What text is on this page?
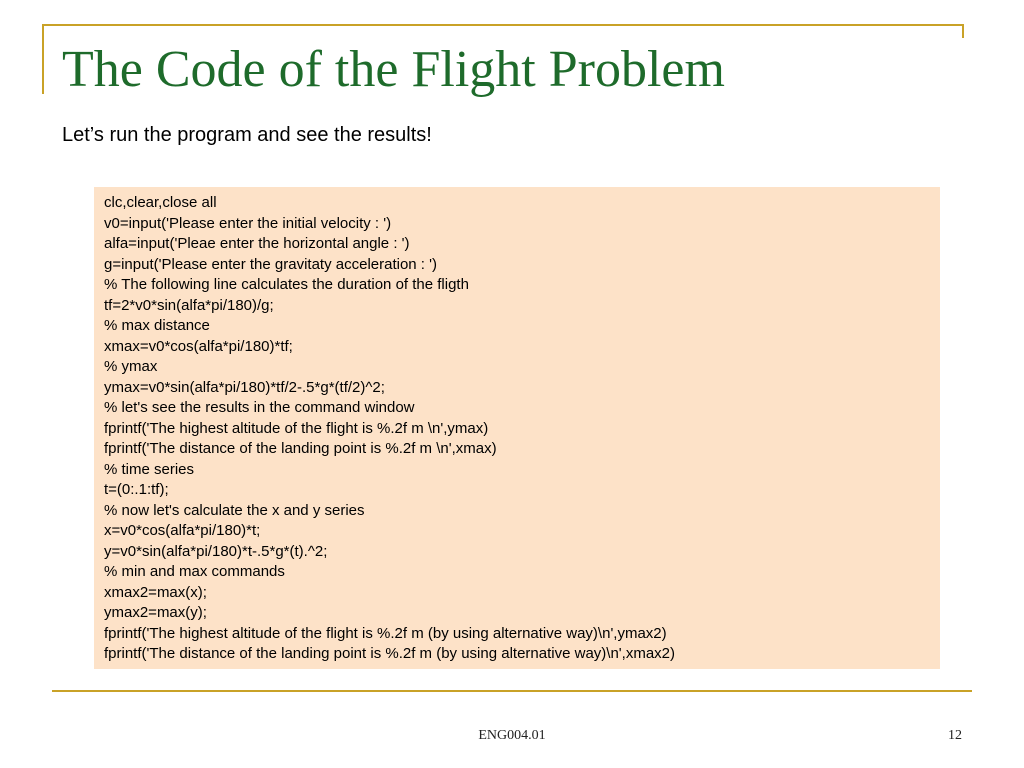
The Code of the Flight Problem

Let’s run the program and see the results!

clc,clear,close all
v0=input('Please enter the initial velocity : ')
alfa=input('Pleae enter the horizontal angle : ')
g=input('Please enter the gravitaty acceleration : ')
% The following line calculates the duration of the fligth
tf=2*v0*sin(alfa*pi/180)/g;
% max distance
xmax=v0*cos(alfa*pi/180)*tf;
% ymax
ymax=v0*sin(alfa*pi/180)*tf/2-.5*g*(tf/2)^2;
% let's see the results in the command window
fprintf('The highest altitude of the flight is %.2f m \n',ymax)
fprintf('The distance of the landing point is %.2f m \n',xmax)
% time series
t=(0:.1:tf);
% now let's calculate the x and y series
x=v0*cos(alfa*pi/180)*t;
y=v0*sin(alfa*pi/180)*t-.5*g*(t).^2;
% min and max commands
xmax2=max(x);
ymax2=max(y);
fprintf('The highest altitude of the flight is %.2f m (by using alternative way)\n',ymax2)
fprintf('The distance of the landing point is %.2f m (by using alternative way)\n',xmax2)
ENG004.01	12
